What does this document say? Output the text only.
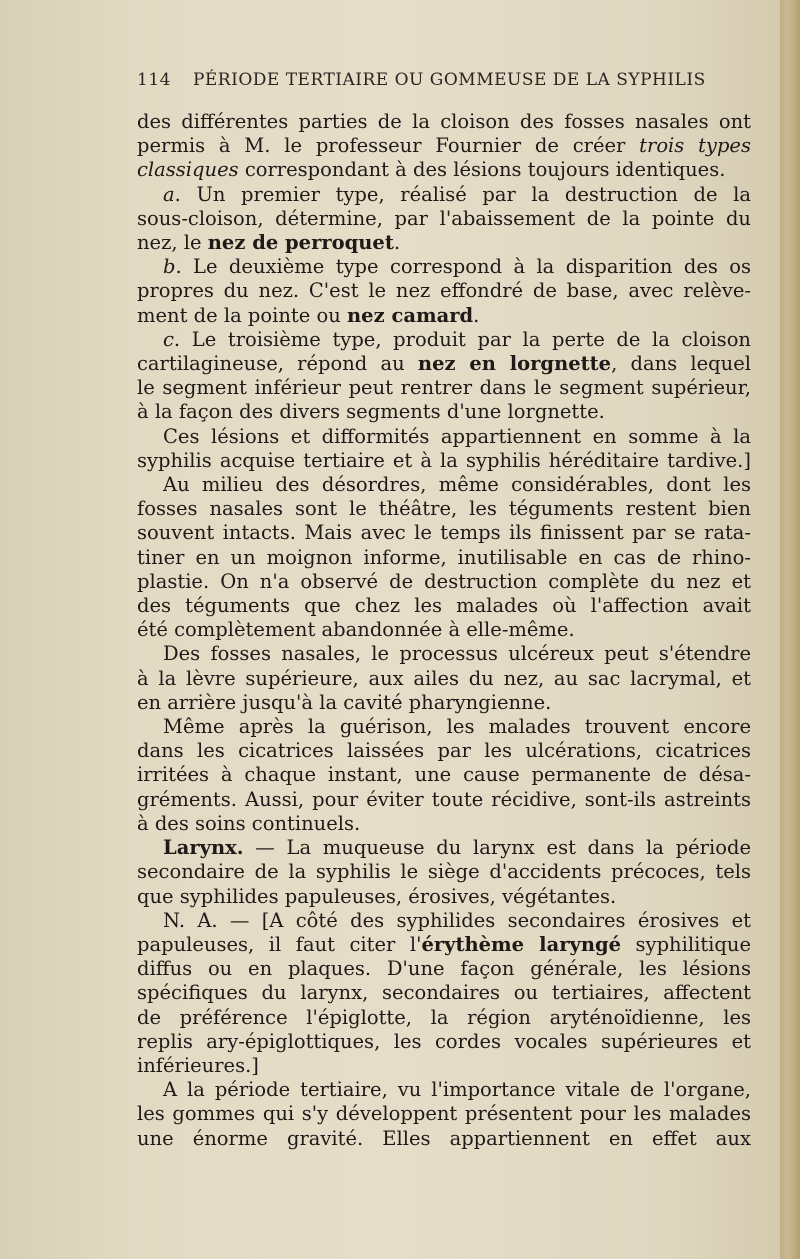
114 PÉRIODE TERTIAIRE OU GOMMEUSE DE LA SYPHILIS
des différentes parties de la cloison des fosses nasales ont
permis à M. le professeur Fournier de créer trois types
classiques correspondant à des lésions toujours identiques.
a. Un premier type, réalisé par la destruction de la
sous-cloison, détermine, par l'abaissement de la pointe du
nez, le nez de perroquet.
b. Le deuxième type correspond à la disparition des os
propres du nez. C'est le nez effondré de base, avec relève-
ment de la pointe ou nez camard.
c. Le troisième type, produit par la perte de la cloison
cartilagineuse, répond au nez en lorgnette, dans lequel
le segment inférieur peut rentrer dans le segment supérieur,
à la façon des divers segments d'une lorgnette.
Ces lésions et difformités appartiennent en somme à la
syphilis acquise tertiaire et à la syphilis héréditaire tardive.]
Au milieu des désordres, même considérables, dont les
fosses nasales sont le théâtre, les téguments restent bien
souvent intacts. Mais avec le temps ils finissent par se rata-
tiner en un moignon informe, inutilisable en cas de rhino-
plastie. On n'a observé de destruction complète du nez et
des téguments que chez les malades où l'affection avait
été complètement abandonnée à elle-même.
Des fosses nasales, le processus ulcéreux peut s'étendre
à la lèvre supérieure, aux ailes du nez, au sac lacrymal, et
en arrière jusqu'à la cavité pharyngienne.
Même après la guérison, les malades trouvent encore
dans les cicatrices laissées par les ulcérations, cicatrices
irritées à chaque instant, une cause permanente de désa-
gréments. Aussi, pour éviter toute récidive, sont-ils astreints
à des soins continuels.
Larynx. — La muqueuse du larynx est dans la période
secondaire de la syphilis le siège d'accidents précoces, tels
que syphilides papuleuses, érosives, végétantes.
N. A. — [A côté des syphilides secondaires érosives et
papuleuses, il faut citer l'érythème laryngé syphilitique
diffus ou en plaques. D'une façon générale, les lésions
spécifiques du larynx, secondaires ou tertiaires, affectent
de préférence l'épiglotte, la région aryténoïdienne, les
replis ary-épiglottiques, les cordes vocales supérieures et
inférieures.]
A la période tertiaire, vu l'importance vitale de l'organe,
les gommes qui s'y développent présentent pour les malades
une énorme gravité. Elles appartiennent en effet aux
